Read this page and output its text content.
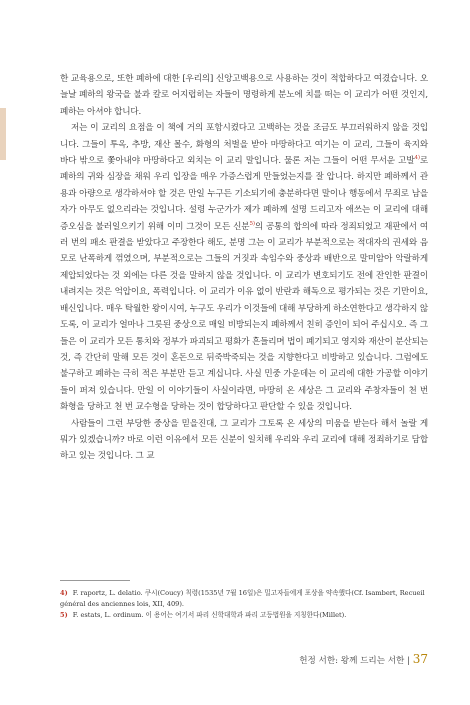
한 교육용으로, 또한 폐하에 대한 [우리의] 신앙고백용으로 사용하는 것이 적합하다고 여겼습니다. 오늘날 폐하의 왕국을 불과 칼로 어지럽히는 자들이 명령하게 분노에 치를 떠는 이 교리가 어떤 것인지, 폐하는 아셔야 합니다.

저는 이 교리의 요점을 이 책에 거의 포함시켰다고 고백하는 것을 조금도 부끄러워하지 않을 것입니다. 그들이 투옥, 추방, 재산 몰수, 화형의 처벌을 받아 마땅하다고 여기는 이 교리, 그들이 육지와 바다 밖으로 쫓아내야 마땅하다고 외치는 이 교리 말입니다. 물론 저는 그들이 어떤 무서운 고발$^{4)}$로 폐하의 귀와 심장을 채워 우리 입장을 매우 가증스럽게 만들었는지를 잘 압니다. 하지만 폐하께서 관용과 아량으로 생각하셔야 할 것은 만일 누구든 기소되기에 충분하다면 말이나 행동에서 무죄로 남을 자가 아무도 없으리라는 것입니다. 설령 누군가가 제가 폐하께 설명 드리고자 애쓰는 이 교리에 대해 증오심을 불러일으키기 위해 이미 그것이 모든 신분$^{5)}$의 공통의 합의에 따라 정죄되었고 재판에서 여러 번의 패소 판결을 받았다고 주장한다 해도, 분명 그는 이 교리가 부분적으로는 적대자의 권세와 음모로 난폭하게 꺾였으며, 부분적으로는 그들의 거짓과 속임수와 중상과 배반으로 말미암아 악랄하게 제압되었다는 것 외에는 다른 것을 말하지 않을 것입니다. 이 교리가 변호되기도 전에 잔인한 판결이 내려지는 것은 억압이요, 폭력입니다. 이 교리가 이유 없이 반란과 해독으로 평가되는 것은 기만이요, 배신입니다. 매우 탁월한 왕이시여, 누구도 우리가 이것들에 대해 부당하게 하소연한다고 생각하지 않도록, 이 교리가 얼마나 그릇된 중상으로 매일 비방되는지 폐하께서 친히 증인이 되어 주십시오. 즉 그들은 이 교리가 모든 통치와 정부가 파괴되고 평화가 흔들리며 법이 폐기되고 영지와 재산이 분산되는 것, 즉 간단히 말해 모든 것이 혼돈으로 뒤죽박죽되는 것을 지향한다고 비방하고 있습니다. 그럼에도 불구하고 폐하는 극히 적은 부분만 듣고 계십니다. 사실 민중 가운데는 이 교리에 대한 가공할 이야기들이 퍼져 있습니다. 만일 이 이야기들이 사실이라면, 마땅히 온 세상은 그 교리와 주창자들이 천 번 화형을 당하고 천 번 교수형을 당하는 것이 합당하다고 판단할 수 있을 것입니다.

사람들이 그런 부당한 중상을 믿을진대, 그 교리가 그토록 온 세상의 미움을 받는다 해서 놀랄 게 뭐가 있겠습니까? 바로 이런 이유에서 모든 신분이 일치해 우리와 우리 교리에 대해 정죄하기로 담합하고 있는 것입니다. 그 교

4) F. raportz, L. delatio. 쿠시(Coucy) 칙령(1535년 7월 16일)은 밀고자들에게 포상을 약속했다(Cf. Isambert, Recueil général des anciennes lois, XII, 409).

5) F. estats, L. ordinum. 이 용어는 여기서 파리 신학대학과 파리 고등법원을 지칭한다(Millet).

헌정 서한: 왕께 드리는 서한 | 37
